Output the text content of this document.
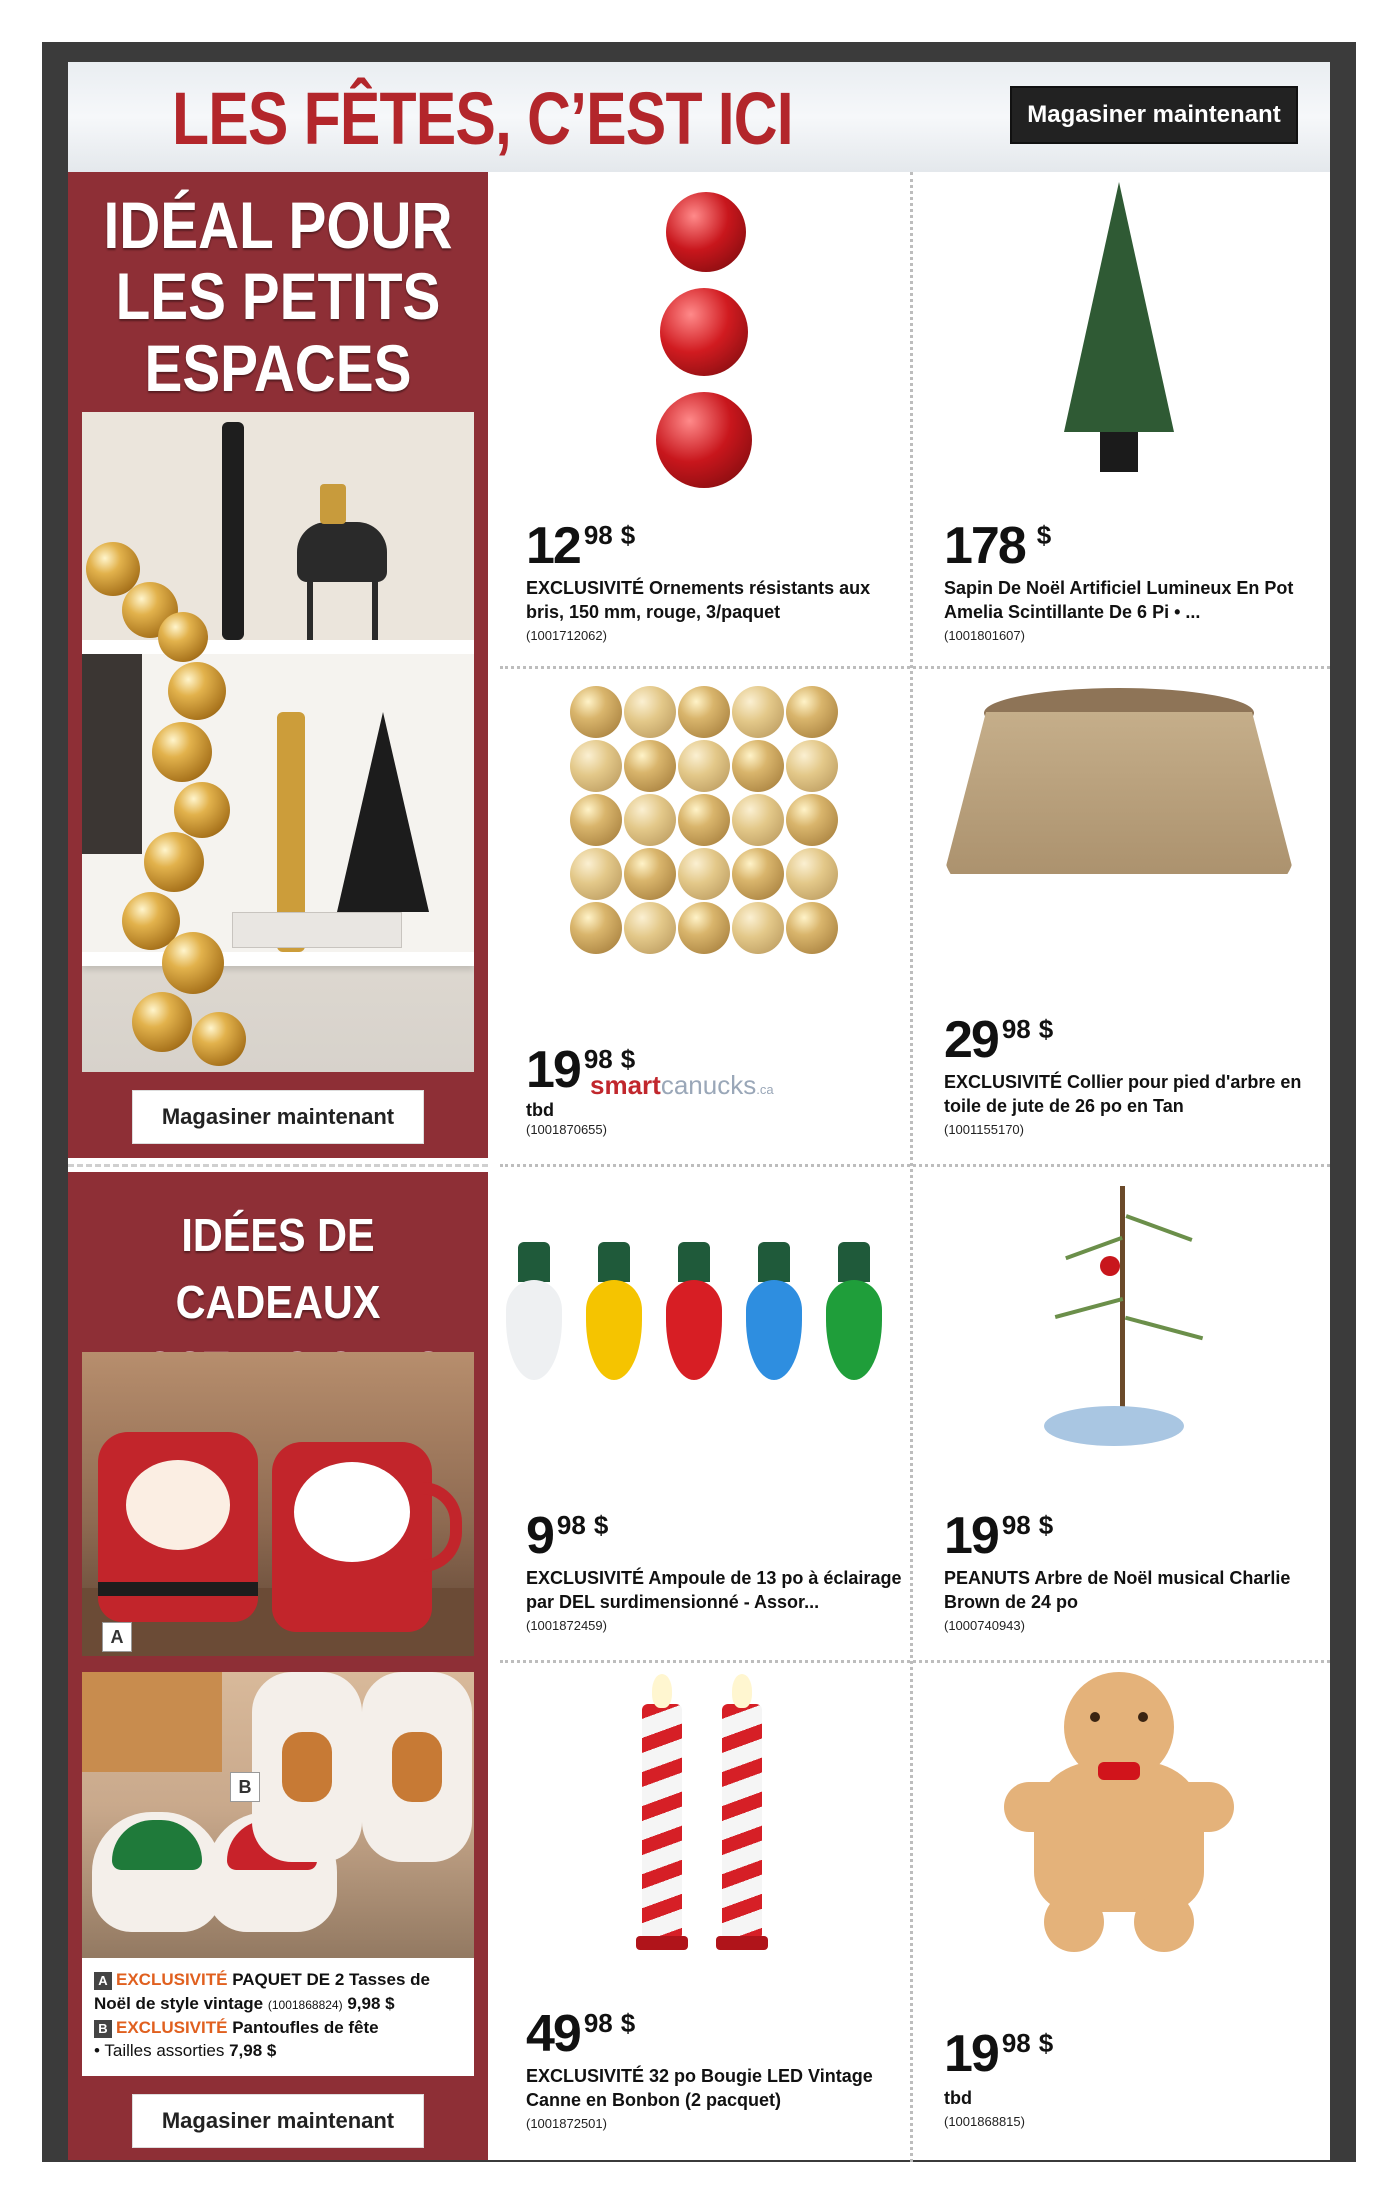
LES FÊTES, C’EST ICI	Magasiner maintenant
IDÉAL POUR
LES PETITS
ESPACES
Magasiner maintenant
IDÉES DE CADEAUX
A
B
A EXCLUSIVITÉ PAQUET DE 2 Tasses de
Noël de style vintage (1001868824) 9,98 $
B EXCLUSIVITÉ Pantoufles de fête
• Tailles assorties 7,98 $
Magasiner maintenant
12 98 $
EXCLUSIVITÉ Ornements résistants aux bris, 150 mm, rouge, 3/paquet
(1001712062)
178 $
Sapin De Noël Artificiel Lumineux En Pot Amelia Scintillante De 6 Pi • ...
(1001801607)
19 98 $
tbd
(1001870655)
29 98 $
EXCLUSIVITÉ Collier pour pied d'arbre en toile de jute de 26 po en Tan
(1001155170)
9 98 $
EXCLUSIVITÉ Ampoule de 13 po à éclairage par DEL surdimensionné - Assor...
(1001872459)
19 98 $
PEANUTS Arbre de Noël musical Charlie Brown de 24 po
(1000740943)
49 98 $
EXCLUSIVITÉ 32 po Bougie LED Vintage Canne en Bonbon (2 pacquet)
(1001872501)
19 98 $
tbd
(1001868815)
smartcanucks.ca
